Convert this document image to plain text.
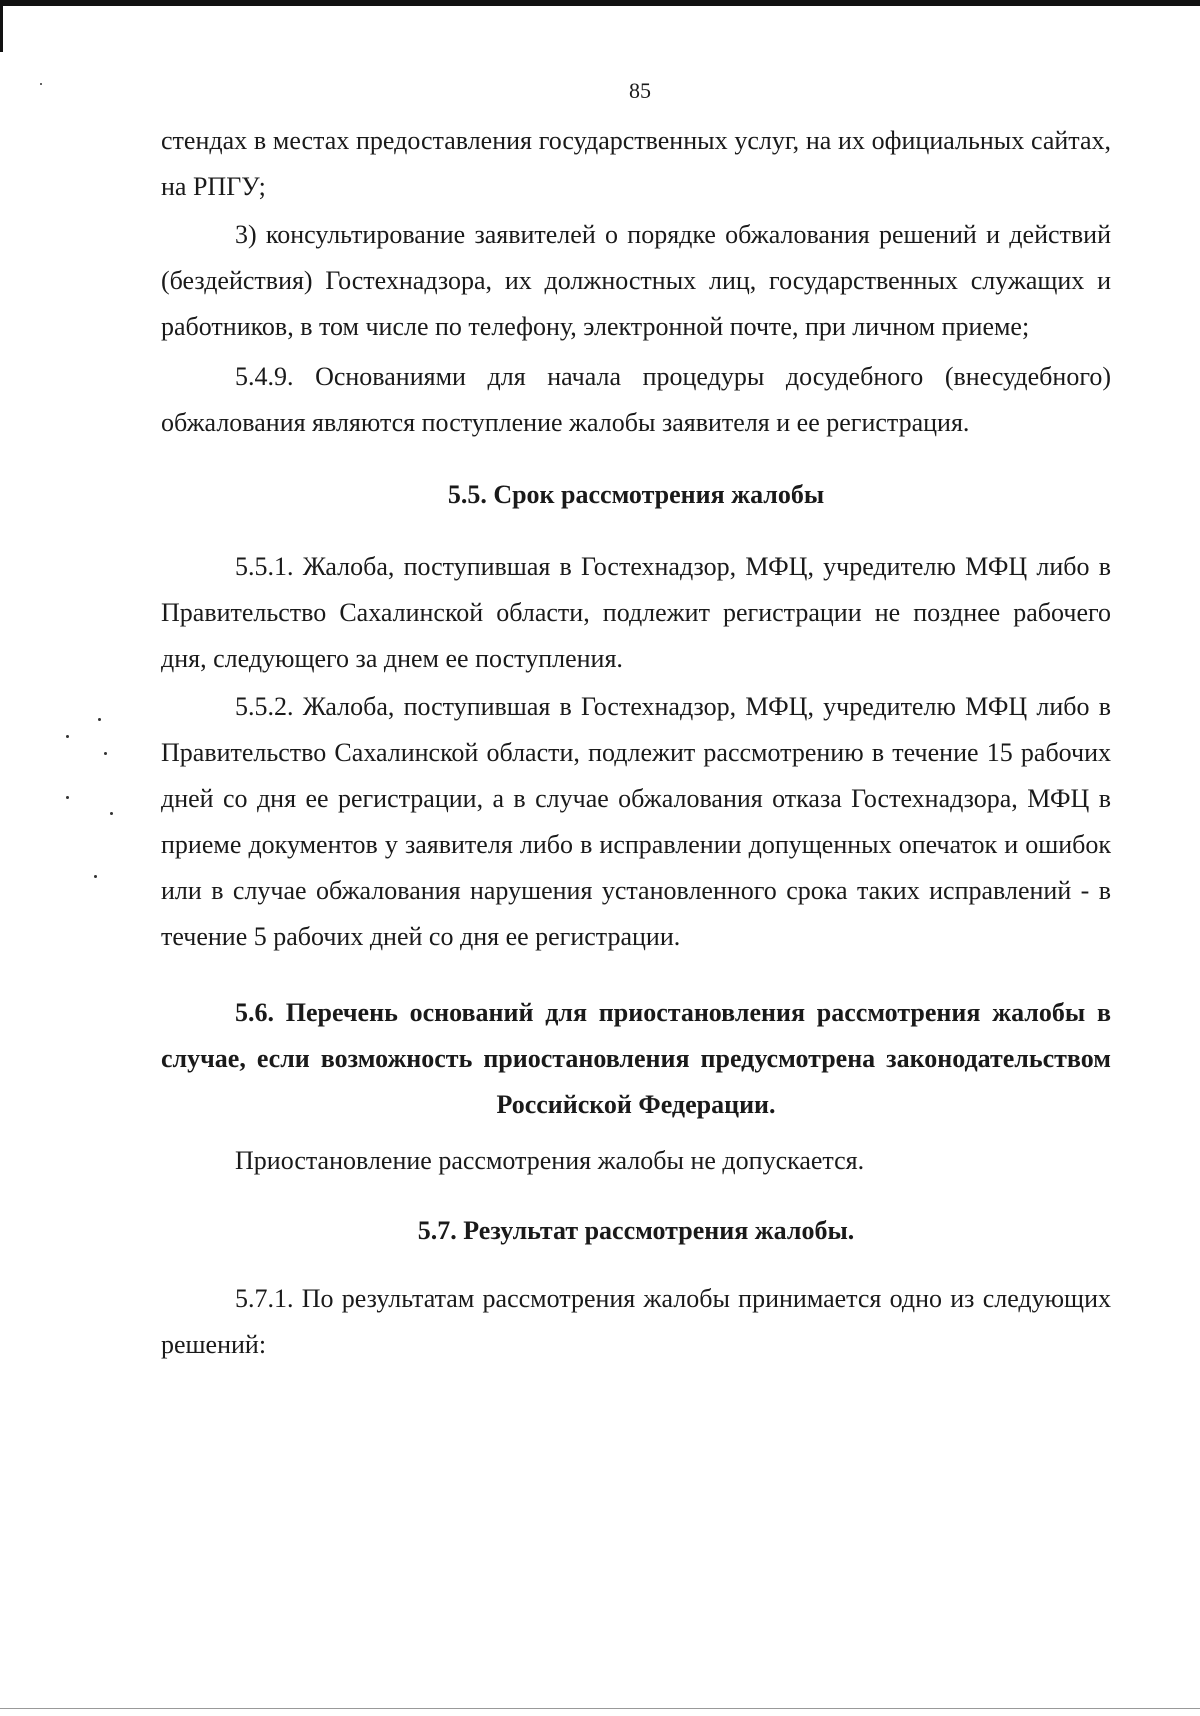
85

стендах в местах предоставления государственных услуг, на их официальных сайтах, на РПГУ;

3) консультирование заявителей о порядке обжалования решений и действий (бездействия) Гостехнадзора, их должностных лиц, государственных служащих и работников, в том числе по телефону, электронной почте, при личном приеме;

5.4.9. Основаниями для начала процедуры досудебного (внесудебного) обжалования являются поступление жалобы заявителя и ее регистрация.

5.5. Срок рассмотрения жалобы

5.5.1. Жалоба, поступившая в Гостехнадзор, МФЦ, учредителю МФЦ либо в Правительство Сахалинской области, подлежит регистрации не позднее рабочего дня, следующего за днем ее поступления.

5.5.2. Жалоба, поступившая в Гостехнадзор, МФЦ, учредителю МФЦ либо в Правительство Сахалинской области, подлежит рассмотрению в течение 15 рабочих дней со дня ее регистрации, а в случае обжалования отказа Гостехнадзора, МФЦ в приеме документов у заявителя либо в исправлении допущенных опечаток и ошибок или в случае обжалования нарушения установленного срока таких исправлений - в течение 5 рабочих дней со дня ее регистрации.

5.6. Перечень оснований для приостановления рассмотрения жалобы в случае, если возможность приостановления предусмотрена законодательством Российской Федерации.

Приостановление рассмотрения жалобы не допускается.

5.7. Результат рассмотрения жалобы.

5.7.1. По результатам рассмотрения жалобы принимается одно из следующих решений:
